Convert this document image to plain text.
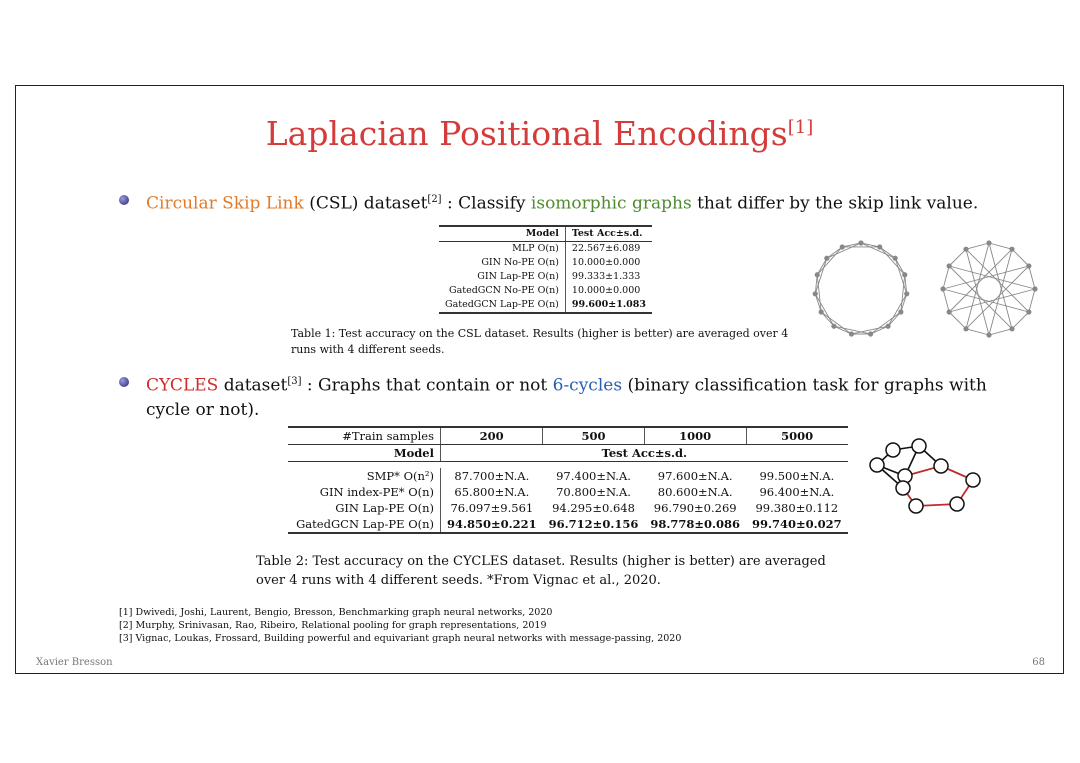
Laplacian Positional Encodings[1]
Circular Skip Link (CSL) dataset[2] : Classify isomorphic graphs that differ by the skip link value.
Model	Test Acc±s.d.
MLP O(n)	22.567±6.089
GIN No-PE O(n)	10.000±0.000
GIN Lap-PE O(n)	99.333±1.333
GatedGCN No-PE O(n)	10.000±0.000
GatedGCN Lap-PE O(n)	99.600±1.083
Table 1: Test accuracy on the CSL dataset. Results (higher is better) are averaged over 4
runs with 4 different seeds.
CYCLES dataset[3] : Graphs that contain or not 6-cycles (binary classification task for graphs with
cycle or not).
#Train samples	200	500	1000	5000
Model	Test Acc±s.d.			

SMP* O(n²)	87.700±N.A.	97.400±N.A.	97.600±N.A.	99.500±N.A.
GIN index-PE* O(n)	65.800±N.A.	70.800±N.A.	80.600±N.A.	96.400±N.A.
GIN Lap-PE O(n)	76.097±9.561	94.295±0.648	96.790±0.269	99.380±0.112
GatedGCN Lap-PE O(n)	94.850±0.221	96.712±0.156	98.778±0.086	99.740±0.027
Table 2: Test accuracy on the CYCLES dataset. Results (higher is better) are averaged
over 4 runs with 4 different seeds. *From Vignac et al., 2020.
[1] Dwivedi, Joshi, Laurent, Bengio, Bresson, Benchmarking graph neural networks, 2020
[2] Murphy, Srinivasan, Rao, Ribeiro, Relational pooling for graph representations, 2019
[3] Vignac, Loukas, Frossard, Building powerful and equivariant graph neural networks with message-passing, 2020
Xavier Bresson	68
